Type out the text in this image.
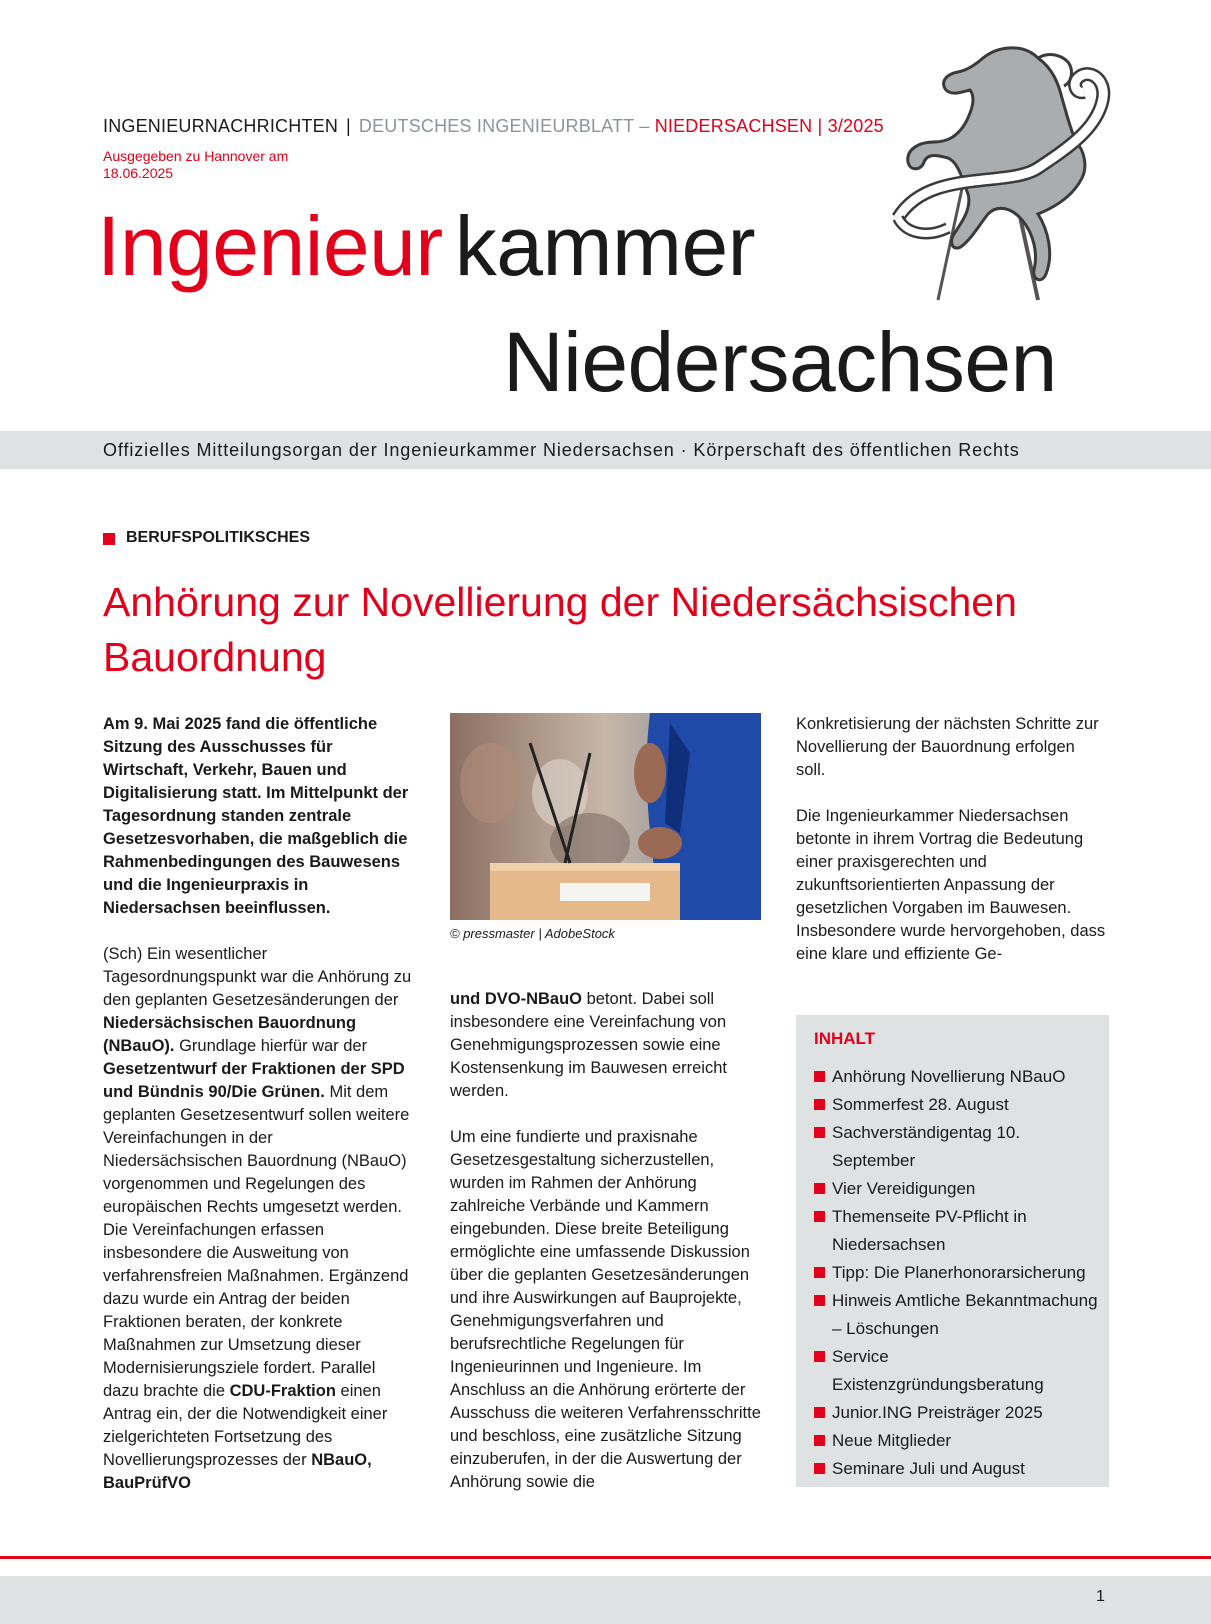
INGENIEURNACHRICHTEN | DEUTSCHES INGENIEURBLATT – NIEDERSACHSEN | 3/2025
Ausgegeben zu Hannover am 18.06.2025
Ingenieur kammer
Niedersachsen
Offizielles Mitteilungsorgan der Ingenieurkammer Niedersachsen · Körperschaft des öffentlichen Rechts
BERUFSPOLITIKSCHES
Anhörung zur Novellierung der Niedersächsischen Bauordnung

Am 9. Mai 2025 fand die öffentliche Sitzung des Ausschusses für Wirtschaft, Verkehr, Bauen und Digitalisierung statt. Im Mittelpunkt der Tagesordnung standen zentrale Gesetzesvorhaben, die maßgeblich die Rahmenbedingungen des Bauwesens und die Ingenieurpraxis in Niedersachsen beeinflussen.

(Sch) Ein wesentlicher Tagesordnungspunkt war die Anhörung zu den geplanten Gesetzesänderungen der Niedersächsischen Bauordnung (NBauO). Grundlage hierfür war der Gesetzentwurf der Fraktionen der SPD und Bündnis 90/Die Grünen. Mit dem geplanten Gesetzesentwurf sollen weitere Vereinfachungen in der Niedersächsischen Bauordnung (NBauO) vorgenommen und Regelungen des europäischen Rechts umgesetzt werden. Die Vereinfachungen erfassen insbesondere die Ausweitung von verfahrensfreien Maßnahmen. Ergänzend dazu wurde ein Antrag der beiden Fraktionen beraten, der konkrete Maßnahmen zur Umsetzung dieser Modernisierungsziele fordert. Parallel dazu brachte die CDU-Fraktion einen Antrag ein, der die Notwendigkeit einer zielgerichteten Fortsetzung des Novellierungsprozesses der NBauO, BauPrüfVO

© pressmaster | AdobeStock

und DVO-NBauO betont. Dabei soll insbesondere eine Vereinfachung von Genehmigungsprozessen sowie eine Kostensenkung im Bauwesen erreicht werden.

Um eine fundierte und praxisnahe Gesetzesgestaltung sicherzustellen, wurden im Rahmen der Anhörung zahlreiche Verbände und Kammern eingebunden. Diese breite Beteiligung ermöglichte eine umfassende Diskussion über die geplanten Gesetzesänderungen und ihre Auswirkungen auf Bauprojekte, Genehmigungsverfahren und berufsrechtliche Regelungen für Ingenieurinnen und Ingenieure. Im Anschluss an die Anhörung erörterte der Ausschuss die weiteren Verfahrensschritte und beschloss, eine zusätzliche Sitzung einzuberufen, in der die Auswertung der Anhörung sowie die

Konkretisierung der nächsten Schritte zur Novellierung der Bauordnung erfolgen soll.

Die Ingenieurkammer Niedersachsen betonte in ihrem Vortrag die Bedeutung einer praxisgerechten und zukunftsorientierten Anpassung der gesetzlichen Vorgaben im Bauwesen. Insbesondere wurde hervorgehoben, dass eine klare und effiziente Ge-

INHALT
Anhörung Novellierung NBauO
Sommerfest 28. August
Sachverständigentag 10. September
Vier Vereidigungen
Themenseite PV-Pflicht in Niedersachsen
Tipp: Die Planerhonorarsicherung
Hinweis Amtliche Bekanntmachung – Löschungen
Service Existenzgründungsberatung
Junior.ING Preisträger 2025
Neue Mitglieder
Seminare Juli und August
1
